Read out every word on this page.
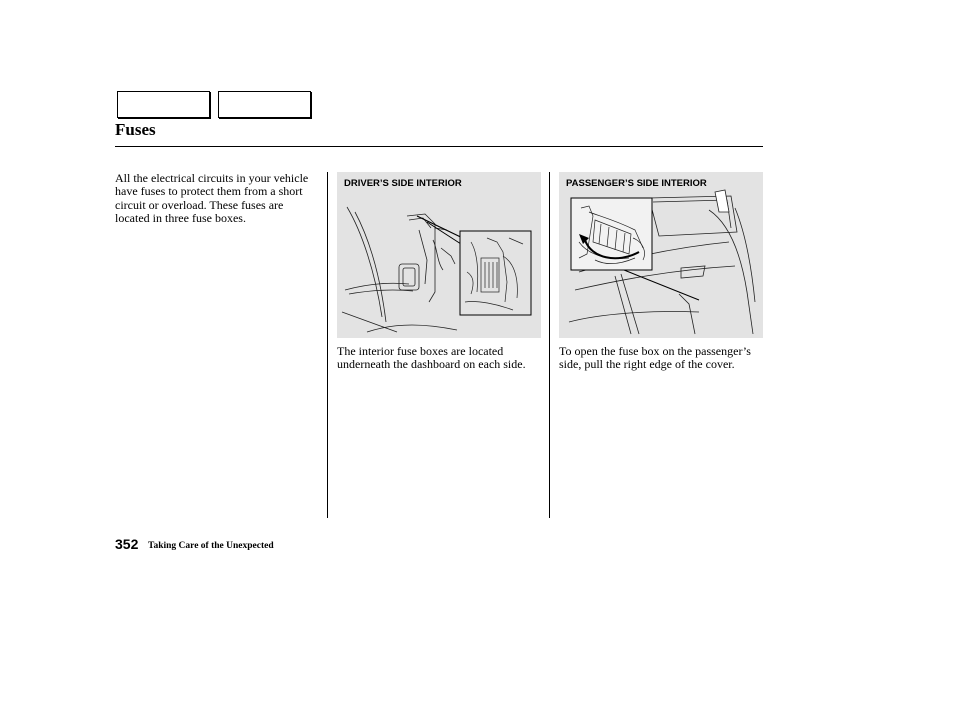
Fuses

All the electrical circuits in your vehicle have fuses to protect them from a short circuit or overload. These fuses are located in three fuse boxes.

DRIVER’S SIDE INTERIOR

The interior fuse boxes are located underneath the dashboard on each side.

PASSENGER’S SIDE INTERIOR

To open the fuse box on the passenger’s side, pull the right edge of the cover.

352 Taking Care of the Unexpected
